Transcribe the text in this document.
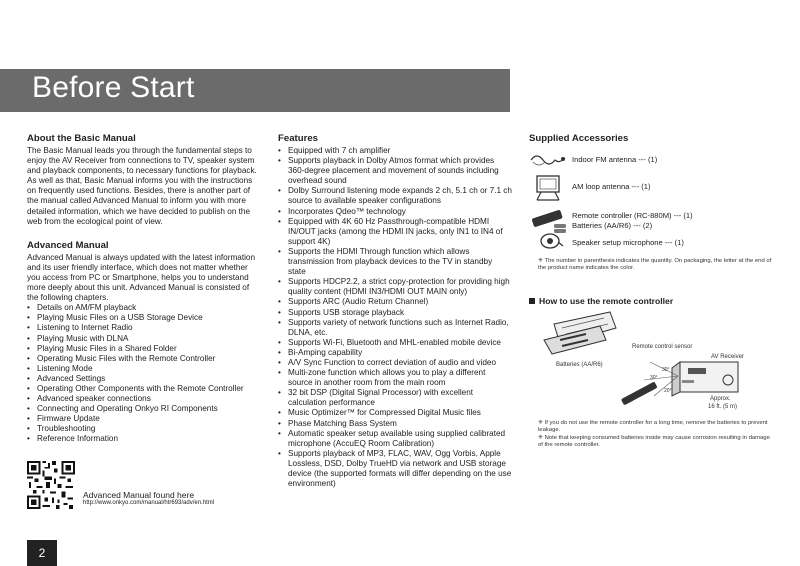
Before Start
About the Basic Manual

The Basic Manual leads you through the fundamental steps to enjoy the AV Receiver from connections to TV, speaker system and playback components, to necessary functions for playback. As well as that, Basic Manual informs you with the instructions on frequently used functions. Besides, there is another part of the manual called Advanced Manual to inform you with more detailed information, which we have decided to publish on the web from the ecological point of view.

Advanced Manual

Advanced Manual is always updated with the latest information and its user friendly interface, which does not matter whether you access from PC or Smartphone, helps you to understand more deeply about this unit. Advanced Manual is consisted of the following chapters.

• Details on AM/FM playback
• Playing Music Files on a USB Storage Device
• Listening to Internet Radio
• Playing Music with DLNA
• Playing Music Files in a Shared Folder
• Operating Music Files with the Remote Controller
• Listening Mode
• Advanced Settings
• Operating Other Components with the Remote Controller
• Advanced speaker connections
• Connecting and Operating Onkyo RI Components
• Firmware Update
• Troubleshooting
• Reference Information
Advanced Manual found here
http://www.onkyo.com/manual/htr693/adv/en.html
2
Features
• Equipped with 7 ch amplifier
• Supports playback in Dolby Atmos format which provides 360-degree placement and movement of sounds including overhead sound
• Dolby Surround listening mode expands 2 ch, 5.1 ch or 7.1 ch source to available speaker configurations
• Incorporates Qdeo™ technology
• Equipped with 4K 60 Hz Passthrough-compatible HDMI IN/OUT jacks (among the HDMI IN jacks, only IN1 to IN4 of support 4K)
• Supports the HDMI Through function which allows transmission from playback devices to the TV in standby state
• Supports HDCP2.2, a strict copy-protection for providing high quality content (HDMI IN3/HDMI OUT MAIN only)
• Supports ARC (Audio Return Channel)
• Supports USB storage playback
• Supports variety of network functions such as Internet Radio, DLNA, etc.
• Supports Wi-Fi, Bluetooth and MHL-enabled mobile device
• Bi-Amping capability
• A/V Sync Function to correct deviation of audio and video
• Multi-zone function which allows you to play a different source in another room from the main room
• 32 bit DSP (Digital Signal Processor) with excellent calculation performance
• Music Optimizer™ for Compressed Digital Music files
• Phase Matching Bass System
• Automatic speaker setup available using supplied calibrated microphone (AccuEQ Room Calibration)
• Supports playback of MP3, FLAC, WAV, Ogg Vorbis, Apple Lossless, DSD, Dolby TrueHD via network and USB storage device (the supported formats will differ depending on the use environment)
Supplied Accessories
Indoor FM antenna --- (1)
AM loop antenna --- (1)
Remote controller (RC-880M) --- (1)
Batteries (AA/R6) --- (2)
Speaker setup microphone --- (1)
✳ The number in parenthesis indicates the quantity. On packaging, the letter at the end of the product name indicates the color.
How to use the remote controller
Remote control sensor
AV Receiver
Batteries (AA/R6)
30°
30°
20°
Approx.
16 ft. (5 m)
✳ If you do not use the remote controller for a long time, remove the batteries to prevent leakage.
✳ Note that keeping consumed batteries inside may cause corrosion resulting in damage of the remote controller.
